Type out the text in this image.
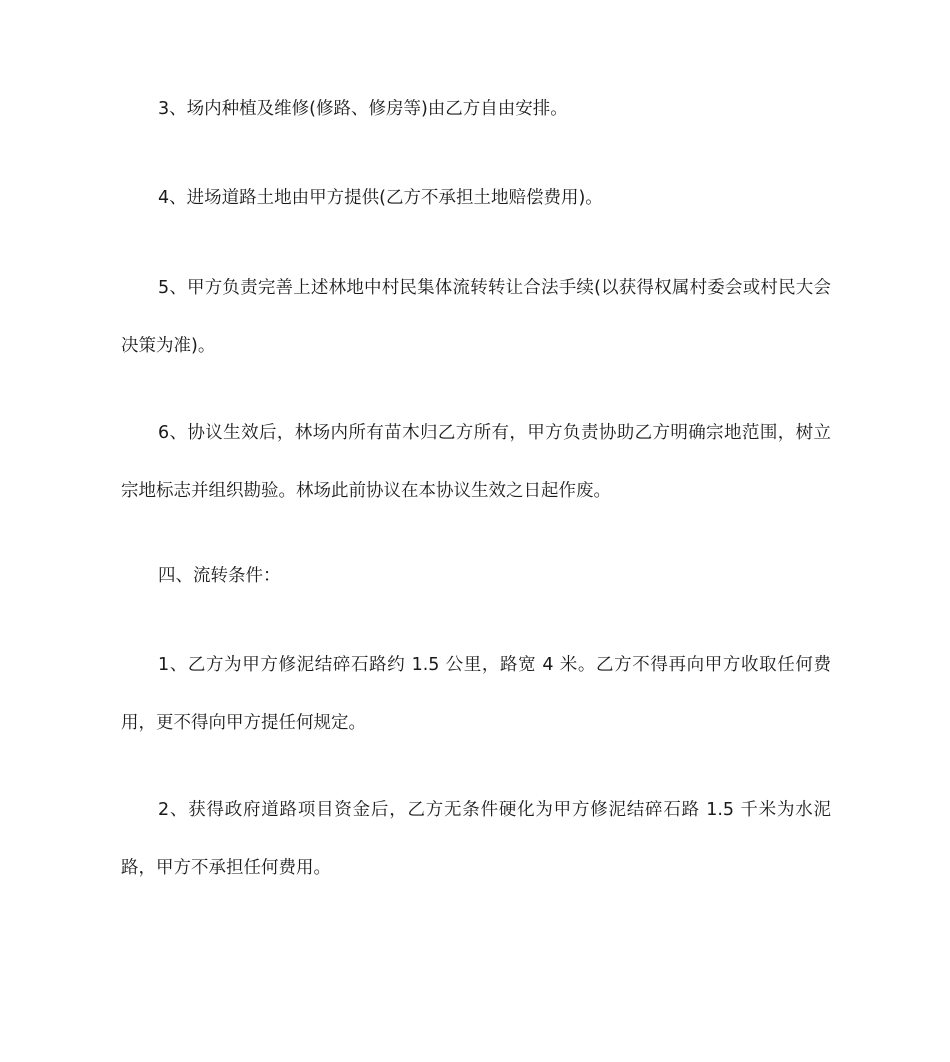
3、场内种植及维修(修路、修房等)由乙方自由安排。

4、进场道路土地由甲方提供(乙方不承担土地赔偿费用)。

5、甲方负责完善上述林地中村民集体流转转让合法手续(以获得权属村委会或村民大会决策为准)。

6、协议生效后，林场内所有苗木归乙方所有，甲方负责协助乙方明确宗地范围，树立宗地标志并组织勘验。林场此前协议在本协议生效之日起作废。

四、流转条件：

1、乙方为甲方修泥结碎石路约 1.5 公里，路宽 4 米。乙方不得再向甲方收取任何费用，更不得向甲方提任何规定。

2、获得政府道路项目资金后，乙方无条件硬化为甲方修泥结碎石路 1.5 千米为水泥路，甲方不承担任何费用。
